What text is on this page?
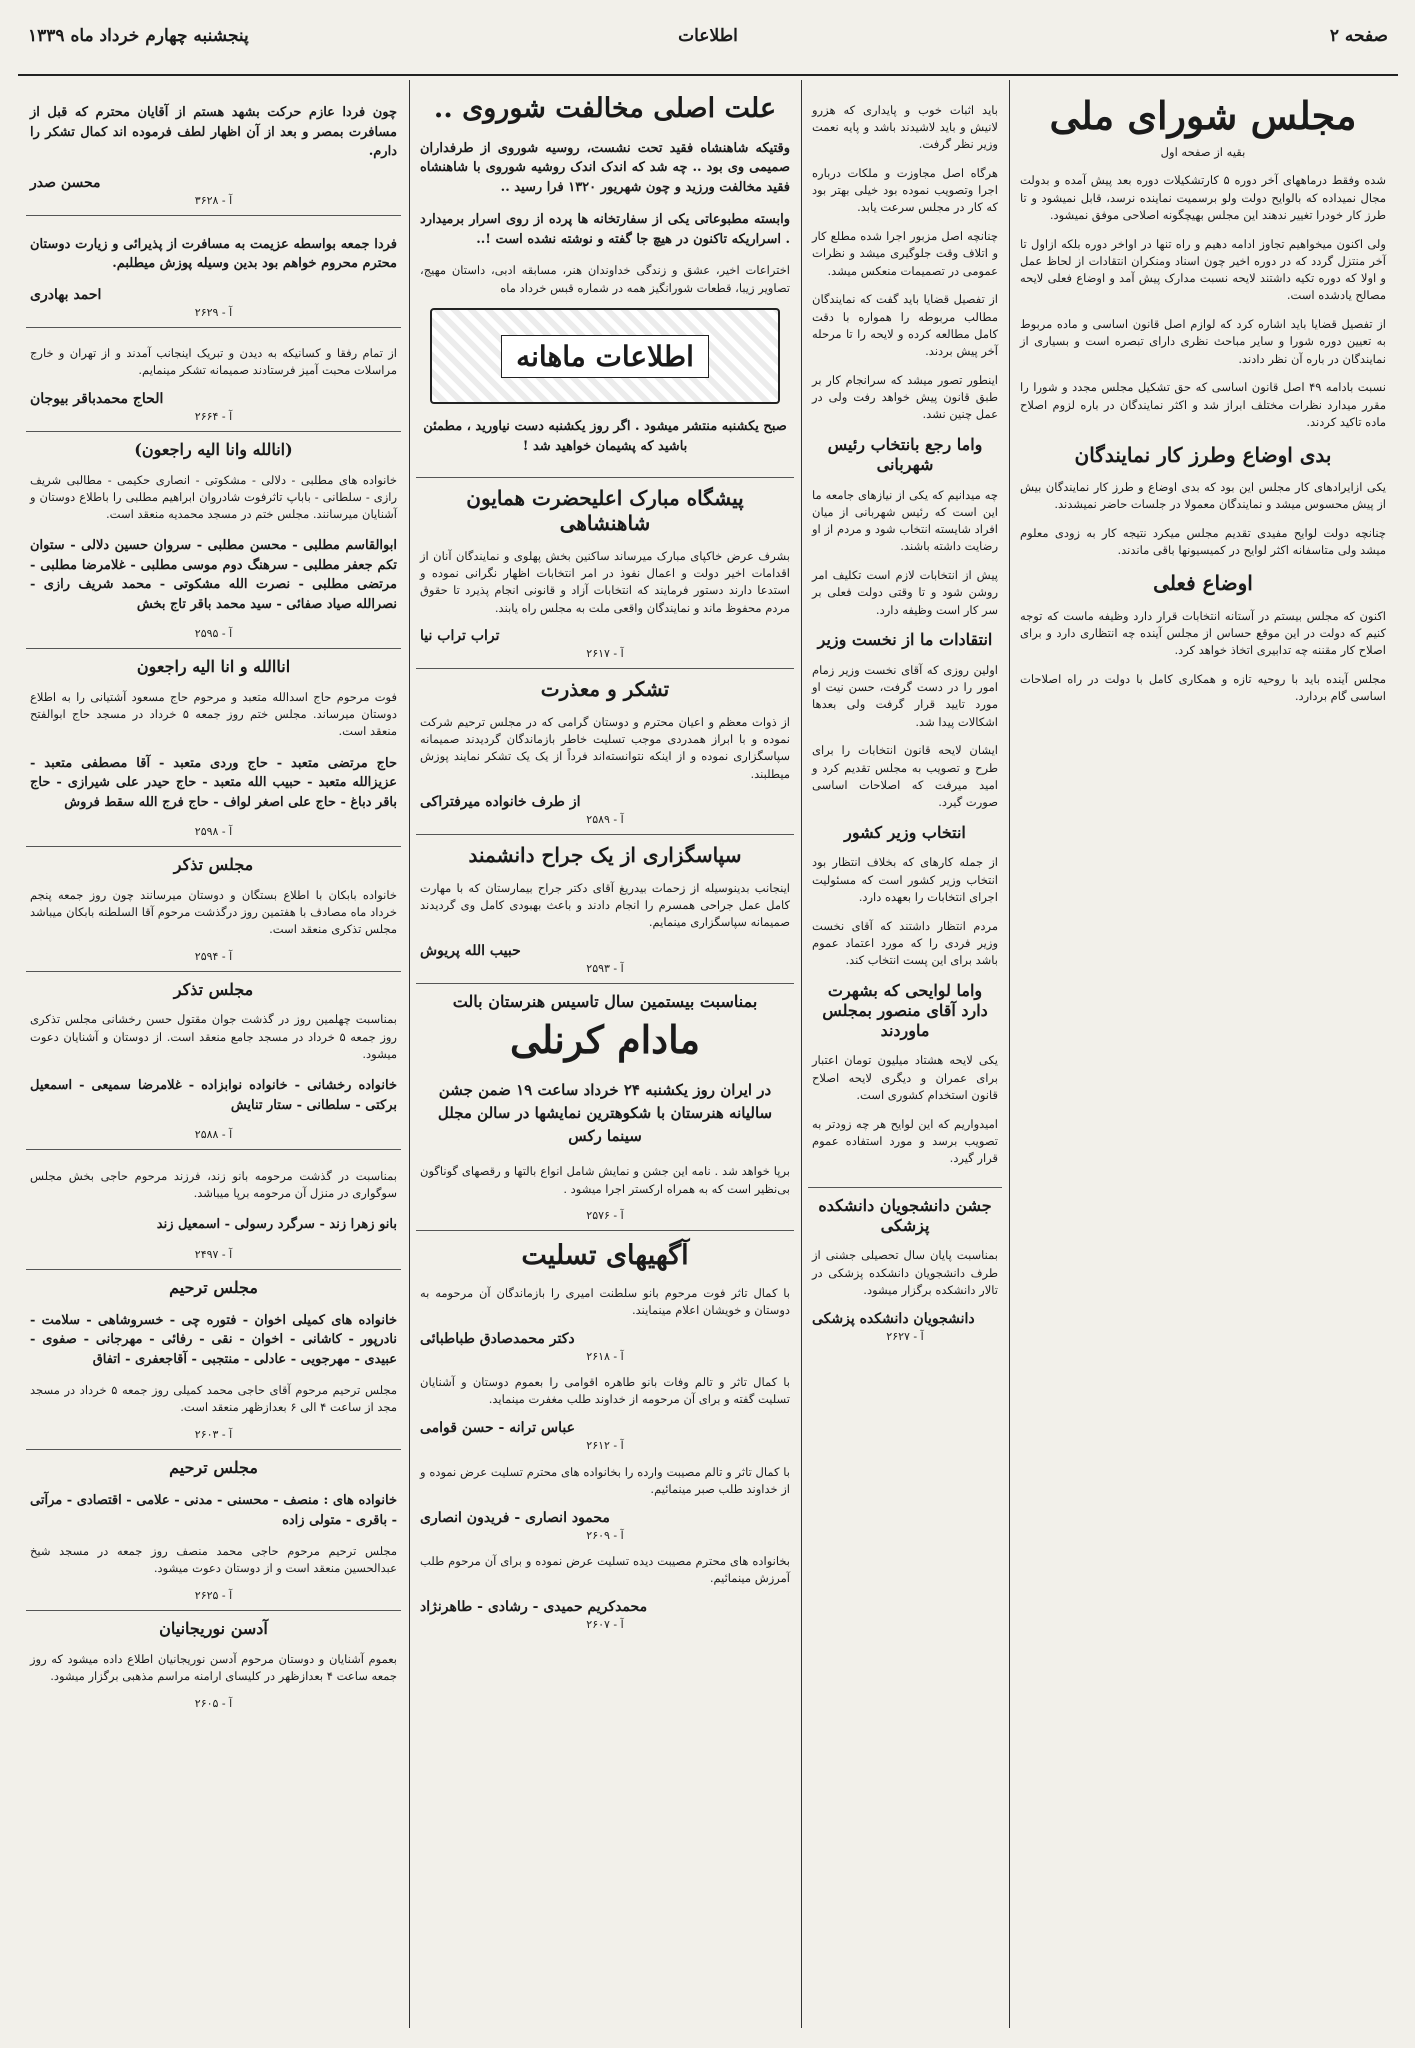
پنجشنبه چهارم خرداد ماه ۱۳۳۹	اطلاعات	صفحه ۲
مجلس شورای ملی
بقیه از صفحه اول

شده وفقط درماههای آخر دوره ۵ کارتشکیلات دوره بعد پیش آمده و بدولت مجال نمیداده که بالوایح دولت ولو برسمیت نماینده نرسد، قابل نمیشود و تا طرز کار خودرا تغییر ندهند این مجلس بهیچگونه اصلاحی موفق نمیشود.

ولی اکنون میخواهیم تجاوز ادامه دهیم و راه تنها در اواخر دوره بلکه ازاول تا آخر منتزل گردد که در دوره اخیر چون اسناد ومنکران انتقادات از لحاظ عمل و اولا که دوره تکیه داشتند لایحه نسبت مدارک پیش آمد و اوضاع فعلی لایحه مصالح یادشده است.

از تفصیل قضایا باید اشاره کرد که لوازم اصل قانون اساسی و ماده مربوط به تعیین دوره شورا و سایر مباحث نظری دارای تبصره است و بسیاری از نمایندگان در باره آن نظر دادند.

نسبت بادامه ۴۹ اصل قانون اساسی که حق تشکیل مجلس مجدد و شورا را مقرر میدارد نظرات مختلف ابراز شد و اکثر نمایندگان در باره لزوم اصلاح ماده تاکید کردند.

بدی اوضاع وطرز کار نمایندگان

یکی ازایرادهای کار مجلس این بود که بدی اوضاع و طرز کار نمایندگان بیش از پیش محسوس میشد و نمایندگان معمولا در جلسات حاضر نمیشدند.

چنانچه دولت لوایح مفیدی تقدیم مجلس میکرد نتیجه کار به زودی معلوم میشد ولی متاسفانه اکثر لوایح در کمیسیونها باقی ماندند.

اوضاع فعلی

اکنون که مجلس بیستم در آستانه انتخابات قرار دارد وظیفه ماست که توجه کنیم که دولت در این موقع حساس از مجلس آینده چه انتظاری دارد و برای اصلاح کار مقننه چه تدابیری اتخاذ خواهد کرد.

مجلس آینده باید با روحیه تازه و همکاری کامل با دولت در راه اصلاحات اساسی گام بردارد.

باید اثبات خوب و پایداری که هزرو لانیش و باید لاشیدند باشد و پایه نعمت وزیر نظر گرفت.

هرگاه اصل مجاوزت و ملکات درباره اجرا وتصویب نموده بود خیلی بهتر بود که کار در مجلس سرعت یابد.

چنانچه اصل مزبور اجرا شده مطلع کار و اتلاف وقت جلوگیری میشد و نظرات عمومی در تصمیمات منعکس میشد.

از تفصیل قضایا باید گفت که نمایندگان مطالب مربوطه را همواره با دقت کامل مطالعه کرده و لایحه را تا مرحله آخر پیش بردند.

اینطور تصور میشد که سرانجام کار بر طبق قانون پیش خواهد رفت ولی در عمل چنین نشد.

واما رجع بانتخاب رئیس شهربانی

چه میدانیم که یکی از نیازهای جامعه ما این است که رئیس شهربانی از میان افراد شایسته انتخاب شود و مردم از او رضایت داشته باشند.

پیش از انتخابات لازم است تکلیف امر روشن شود و تا وقتی دولت فعلی بر سر کار است وظیفه دارد.

انتقادات ما از نخست وزیر

اولین روزی که آقای نخست وزیر زمام امور را در دست گرفت، حسن نیت او مورد تایید قرار گرفت ولی بعدها اشکالات پیدا شد.

ایشان لایحه قانون انتخابات را برای طرح و تصویب به مجلس تقدیم کرد و امید میرفت که اصلاحات اساسی صورت گیرد.

انتخاب وزیر کشور

از جمله کارهای که بخلاف انتظار بود انتخاب وزیر کشور است که مسئولیت اجرای انتخابات را بعهده دارد.

مردم انتظار داشتند که آقای نخست وزیر فردی را که مورد اعتماد عموم باشد برای این پست انتخاب کند.

واما لوایحی که بشهرت دارد آقای منصور بمجلس ماوردند

یکی لایحه هشتاد میلیون تومان اعتبار برای عمران و دیگری لایحه اصلاح قانون استخدام کشوری است.

امیدواریم که این لوایح هر چه زودتر به تصویب برسد و مورد استفاده عموم قرار گیرد.

جشن دانشجویان دانشکده پزشکی

بمناسبت پایان سال تحصیلی جشنی از طرف دانشجویان دانشکده پزشکی در تالار دانشکده برگزار میشود.

دانشجویان دانشکده پزشکی
آ - ۲۶۲۷
علت اصلی مخالفت شوروی ..

وقتیکه شاهنشاه فقید تحت نشست، روسیه شوروی از طرفداران صمیمی وی بود .. چه شد که اندک اندک روشیه شوروی با شاهنشاه فقید مخالفت ورزید و چون شهریور ۱۳۲۰ فرا رسید ..

وابسته مطبوعاتی یکی از سفارتخانه ها پرده از روی اسرار برمیدارد . اسراریکه تاکنون در هیچ جا گفته و نوشته نشده است !..

اختراعات اخیر، عشق و زندگی خداوندان هنر، مسابقه ادبی، داستان مهیج، تصاویر زیبا، قطعات شورانگیز همه در شماره قبس خرداد ماه

اطلاعات ماهانه

صبح یکشنبه منتشر میشود . اگر روز یکشنبه دست نیاورید ، مطمئن باشید که پشیمان خواهید شد !

پیشگاه مبارک اعلیحضرت همایون شاهنشاهی

بشرف عرض خاکپای مبارک میرساند ساکنین بخش پهلوی و نمایندگان آنان از اقدامات اخیر دولت و اعمال نفوذ در امر انتخابات اظهار نگرانی نموده و استدعا دارند دستور فرمایند که انتخابات آزاد و قانونی انجام پذیرد تا حقوق مردم محفوظ ماند و نمایندگان واقعی ملت به مجلس راه یابند.

تراب تراب نیا
آ - ۲۶۱۷
تشکر و معذرت

از ذوات معظم و اعیان محترم و دوستان گرامی که در مجلس ترحیم شرکت نموده و با ابراز همدردی موجب تسلیت خاطر بازماندگان گردیدند صمیمانه سپاسگزاری نموده و از اینکه نتوانسته‌اند فرداً از یک یک تشکر نمایند پوزش میطلبند.

از طرف خانواده میرفتراکی
آ - ۲۵۸۹
سپاسگزاری از یک جراح دانشمند

اینجانب بدینوسیله از زحمات بیدریغ آقای دکتر جراح بیمارستان که با مهارت کامل عمل جراحی همسرم را انجام دادند و باعث بهبودی کامل وی گردیدند صمیمانه سپاسگزاری مینمایم.

حبیب الله پریوش
آ - ۲۵۹۳
بمناسبت بیستمین سال تاسیس هنرستان بالت
مادام کرنلی

در ایران روز یکشنبه ۲۴ خرداد ساعت ۱۹ ضمن جشن سالیانه هنرستان با شکوهترین نمایشها در سالن مجلل سینما رکس

برپا خواهد شد . نامه این جشن و نمایش شامل انواع بالتها و رقصهای گوناگون بی‌نظیر است که به همراه ارکستر اجرا میشود .

آ - ۲۵۷۶
آگهیهای تسلیت

با کمال تاثر فوت مرحوم بانو سلطنت امیری را بازماندگان آن مرحومه به دوستان و خویشان اعلام مینمایند.

دکتر محمدصادق طباطبائی
آ - ۲۶۱۸

با کمال تاثر و تالم وفات بانو طاهره اقوامی را بعموم دوستان و آشنایان تسلیت گفته و برای آن مرحومه از خداوند طلب مغفرت مینماید.

عباس ترانه - حسن قوامی
آ - ۲۶۱۲

با کمال تاثر و تالم مصیبت وارده را بخانواده های محترم تسلیت عرض نموده و از خداوند طلب صبر مینمائیم.

محمود انصاری - فریدون انصاری
آ - ۲۶۰۹

بخانواده های محترم مصیبت دیده تسلیت عرض نموده و برای آن مرحوم طلب آمرزش مینمائیم.

محمدکریم حمیدی - رشادی - طاهرنژاد
آ - ۲۶۰۷

چون فردا عازم حرکت بشهد هستم از آقایان محترم که قبل از مسافرت بمصر و بعد از آن اظهار لطف فرموده اند کمال تشکر را دارم.

محسن صدر
آ - ۳۶۲۸

فردا جمعه بواسطه عزیمت به مسافرت از پذیرائی و زیارت دوستان محترم محروم خواهم بود بدین وسیله پوزش میطلبم.

احمد بهادری
آ - ۲۶۲۹

از تمام رفقا و کسانیکه به دیدن و تبریک اینجانب آمدند و از تهران و خارج مراسلات محبت آمیز فرستادند صمیمانه تشکر مینمایم.

الحاج محمدباقر بیوجان
آ - ۲۶۶۴
(انالله وانا الیه راجعون)

خانواده های مطلبی - دلالی - مشکوتی - انصاری حکیمی - مطالبی شریف رازی - سلطانی - باباپ تاثرفوت شادروان ابراهیم مطلبی را باطلاع دوستان و آشنایان میرسانند. مجلس ختم در مسجد محمدیه منعقد است.

ابوالقاسم مطلبی - محسن مطلبی - سروان حسین دلالی - ستوان تکم جعفر مطلبی - سرهنگ دوم موسی مطلبی - غلامرضا مطلبی - مرتضی مطلبی - نصرت الله مشکوتی - محمد شریف رازی - نصرالله صیاد صفائی - سید محمد باقر تاج بخش

آ - ۲۵۹۵
اناالله و انا الیه راجعون

فوت مرحوم حاج اسدالله متعبد و مرحوم حاج مسعود آشتیانی را به اطلاع دوستان میرساند. مجلس ختم روز جمعه ۵ خرداد در مسجد حاج ابوالفتح منعقد است.

حاج مرتضی متعبد - حاج وردی متعبد - آقا مصطفی متعبد - عزیزالله متعبد - حبیب الله متعبد - حاج حیدر علی شیرازی - حاج باقر دباغ - حاج علی اصغر لواف - حاج فرج الله سقط فروش

آ - ۲۵۹۸
مجلس تذکر

خانواده بابکان با اطلاع بستگان و دوستان میرسانند چون روز جمعه پنجم خرداد ماه مصادف با هفتمین روز درگذشت مرحوم آقا السلطنه بابکان میباشد مجلس تذکری منعقد است.

آ - ۲۵۹۴
مجلس تذکر

بمناسبت چهلمین روز در گذشت جوان مقتول حسن رخشانی مجلس تذکری روز جمعه ۵ خرداد در مسجد جامع منعقد است. از دوستان و آشنایان دعوت میشود.

خانواده رخشانی - خانواده نوابزاده - غلامرضا سمیعی - اسمعیل برکتی - سلطانی - ستار تنایش

آ - ۲۵۸۸

بمناسبت در گذشت مرحومه بانو زند، فرزند مرحوم حاجی بخش مجلس سوگواری در منزل آن مرحومه برپا میباشد.

بانو زهرا زند - سرگرد رسولی - اسمعیل زند

آ - ۲۴۹۷
مجلس ترحیم

خانواده های کمیلی اخوان - فتوره چی - خسروشاهی - سلامت - نادرپور - کاشانی - اخوان - نقی - رفائی - مهرجانی - صفوی - عبیدی - مهرجویی - عادلی - منتجبی - آقاجعفری - اتفاق

مجلس ترحیم مرحوم آقای حاجی محمد کمیلی روز جمعه ۵ خرداد در مسجد مجد از ساعت ۴ الی ۶ بعدازظهر منعقد است.

آ - ۲۶۰۳
مجلس ترحیم

خانواده های : منصف - محسنی - مدنی - علامی - اقتصادی - مرآتی - باقری - متولی زاده

مجلس ترحیم مرحوم حاجی محمد منصف روز جمعه در مسجد شیخ عبدالحسین منعقد است و از دوستان دعوت میشود.

آ - ۲۶۲۵
آدسن نوریجانیان

بعموم آشنایان و دوستان مرحوم آدسن نوریجانیان اطلاع داده میشود که روز جمعه ساعت ۴ بعدازظهر در کلیسای ارامنه مراسم مذهبی برگزار میشود.

آ - ۲۶۰۵
